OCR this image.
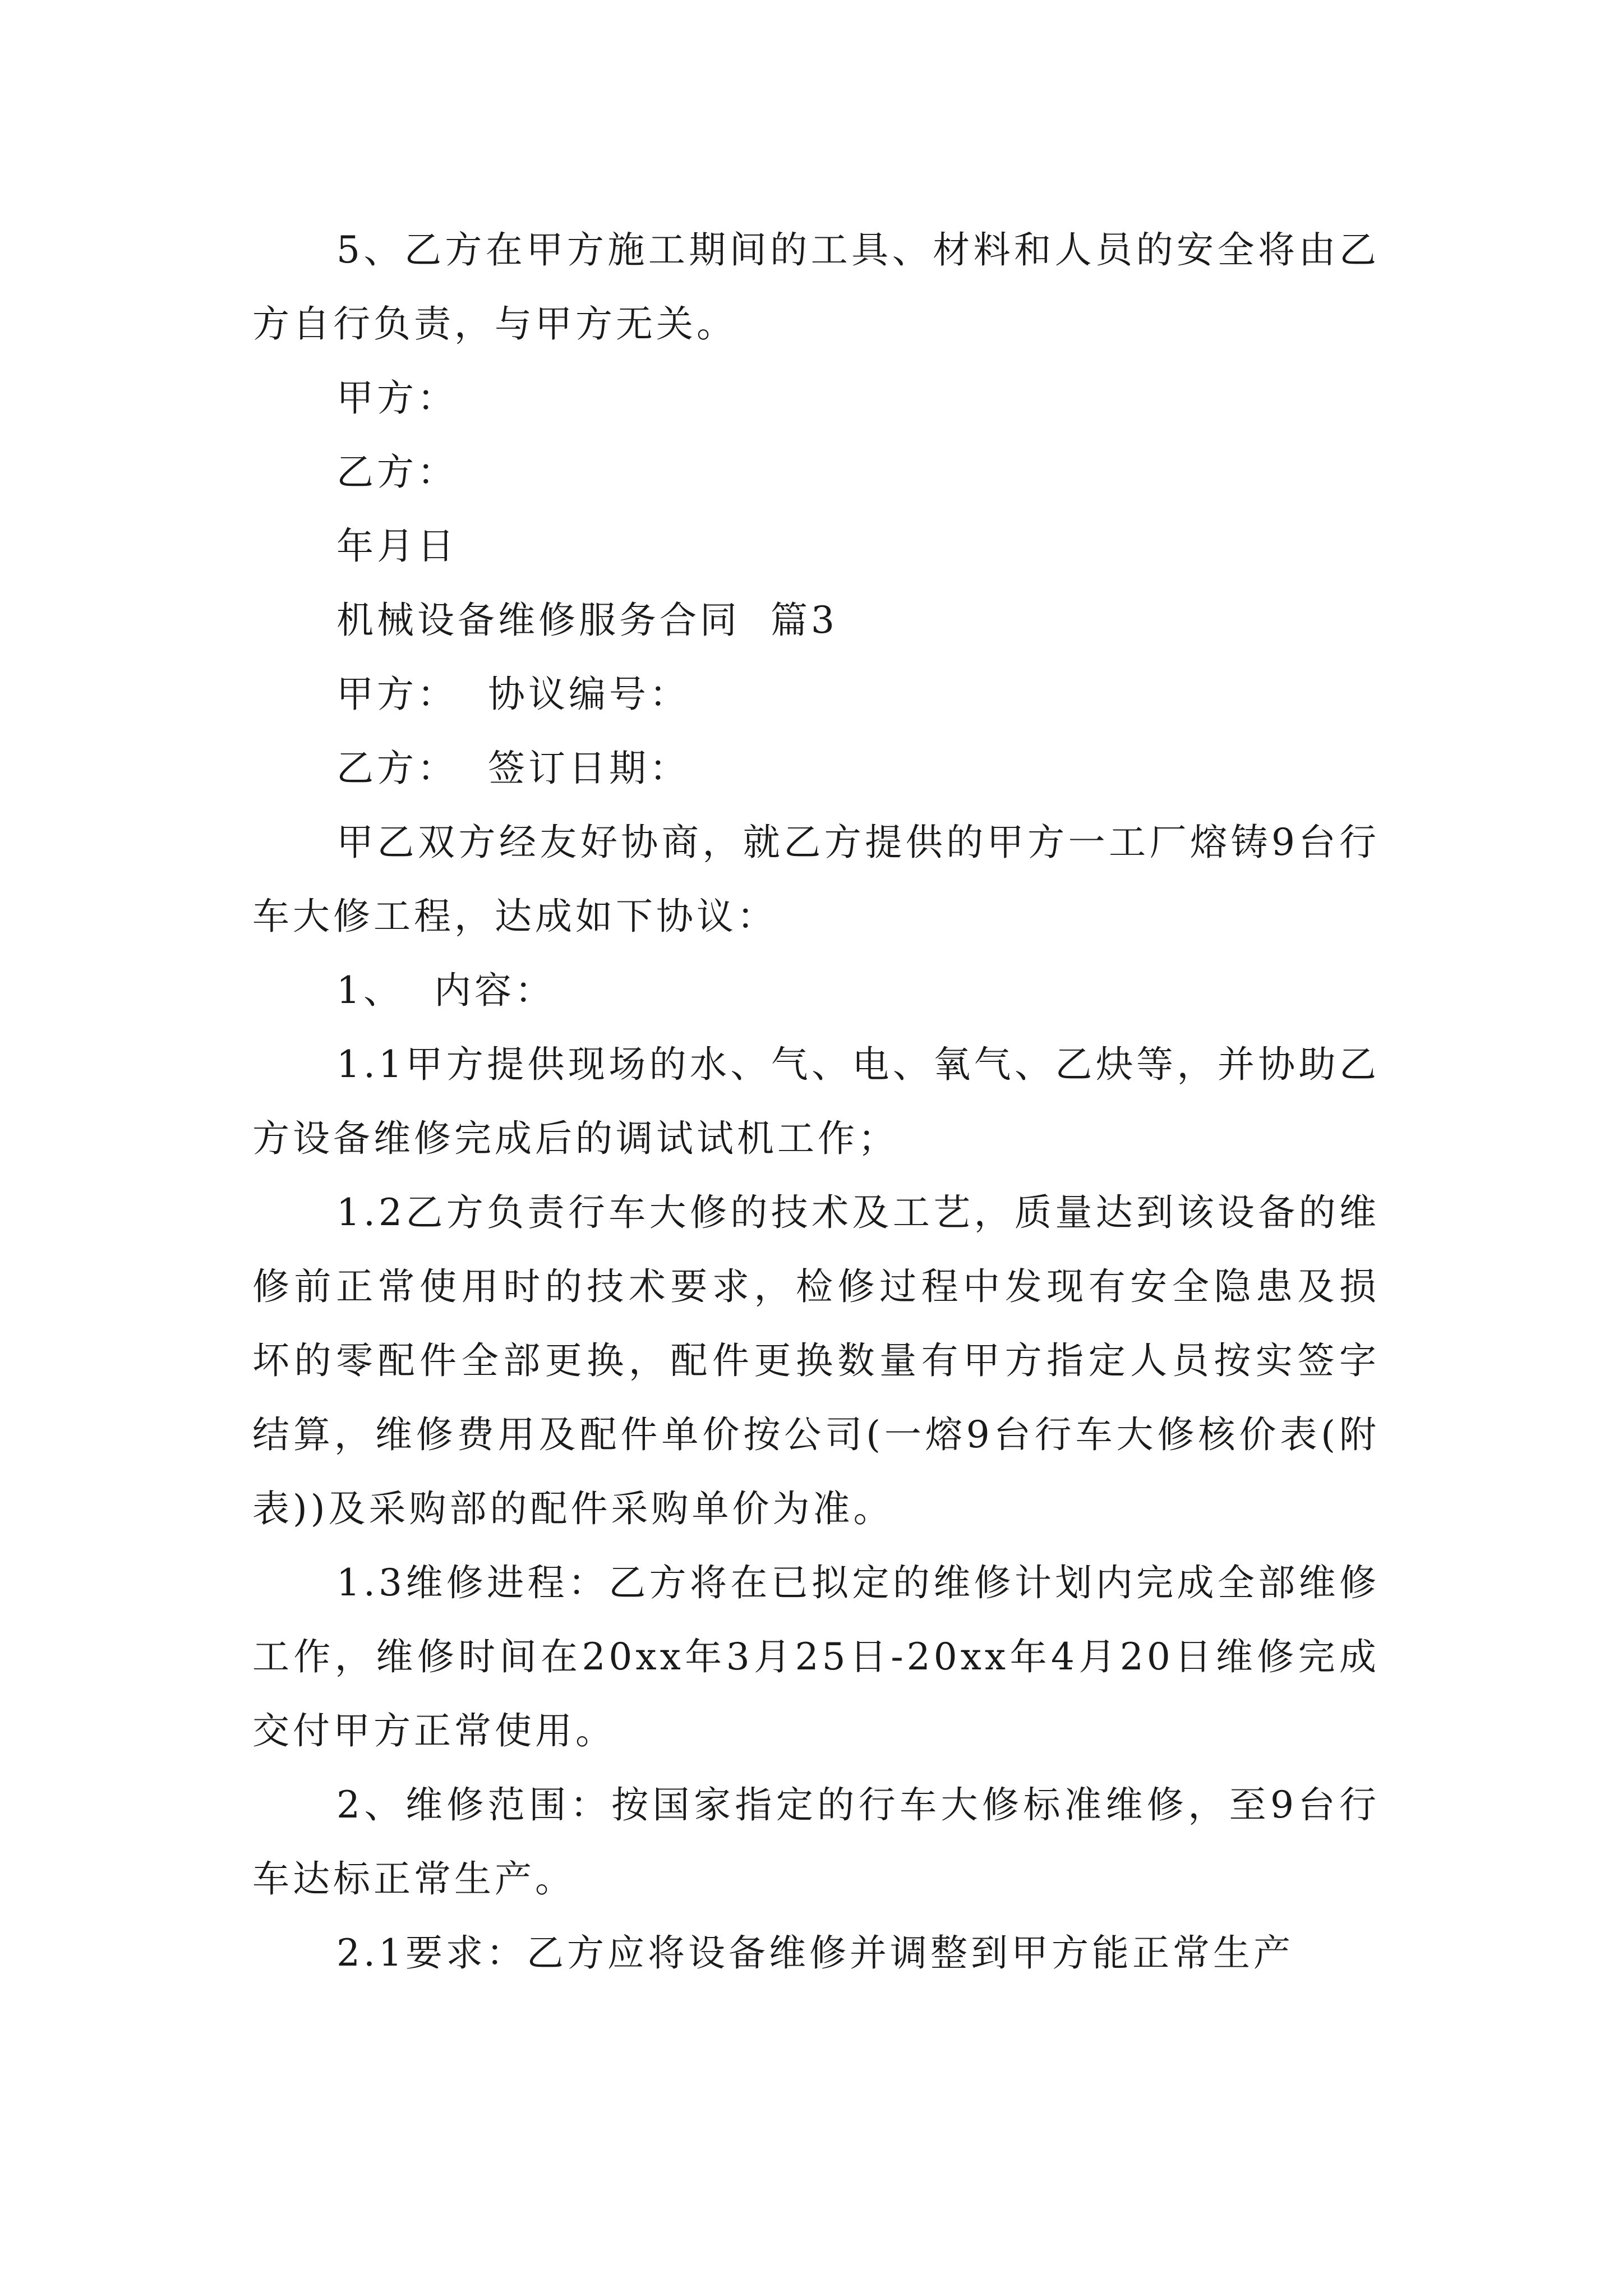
5、乙方在甲方施工期间的工具、材料和人员的安全将由乙方自行负责，与甲方无关。

甲方：

乙方：

年月日

机械设备维修服务合同  篇3

甲方：  协议编号：

乙方：  签订日期：

甲乙双方经友好协商，就乙方提供的甲方一工厂熔铸9台行车大修工程，达成如下协议：

1、  内容：

1.1甲方提供现场的水、气、电、氧气、乙炔等，并协助乙方设备维修完成后的调试试机工作；

1.2乙方负责行车大修的技术及工艺，质量达到该设备的维修前正常使用时的技术要求，检修过程中发现有安全隐患及损坏的零配件全部更换，配件更换数量有甲方指定人员按实签字结算，维修费用及配件单价按公司(一熔9台行车大修核价表(附表))及采购部的配件采购单价为准。

1.3维修进程：乙方将在已拟定的维修计划内完成全部维修工作，维修时间在20xx年3月25日-20xx年4月20日维修完成交付甲方正常使用。

2、维修范围：按国家指定的行车大修标准维修，至9台行车达标正常生产。

2.1要求：乙方应将设备维修并调整到甲方能正常生产
